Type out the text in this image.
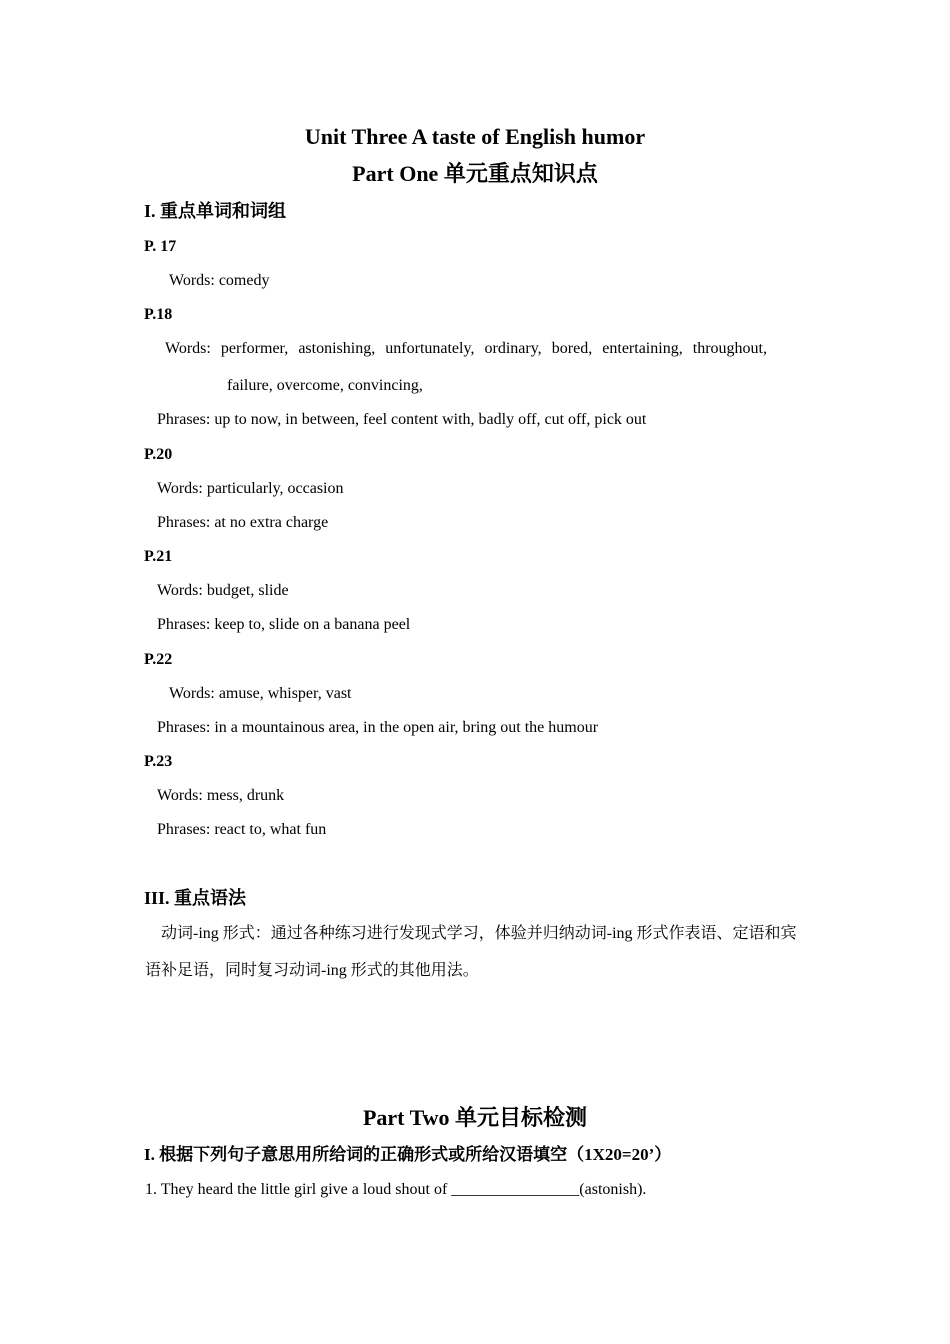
Unit Three A taste of English humor
Part One 单元重点知识点
I. 重点单词和词组
P. 17
Words: comedy
P.18
Words: performer, astonishing, unfortunately, ordinary, bored, entertaining, throughout,
failure, overcome, convincing,
Phrases: up to now, in between, feel content with, badly off, cut off, pick out
P.20
Words: particularly, occasion
Phrases: at no extra charge
P.21
Words: budget, slide
Phrases: keep to, slide on a banana peel
P.22
Words: amuse, whisper, vast
Phrases: in a mountainous area, in the open air, bring out the humour
P.23
Words: mess, drunk
Phrases: react to, what fun
III. 重点语法
动词-ing 形式：通过各种练习进行发现式学习，体验并归纳动词-ing 形式作表语、定语和宾
语补足语，同时复习动词-ing 形式的其他用法。
Part Two 单元目标检测
I. 根据下列句子意思用所给词的正确形式或所给汉语填空（1X20=20’）
1. They heard the little girl give a loud shout of ________________(astonish).
